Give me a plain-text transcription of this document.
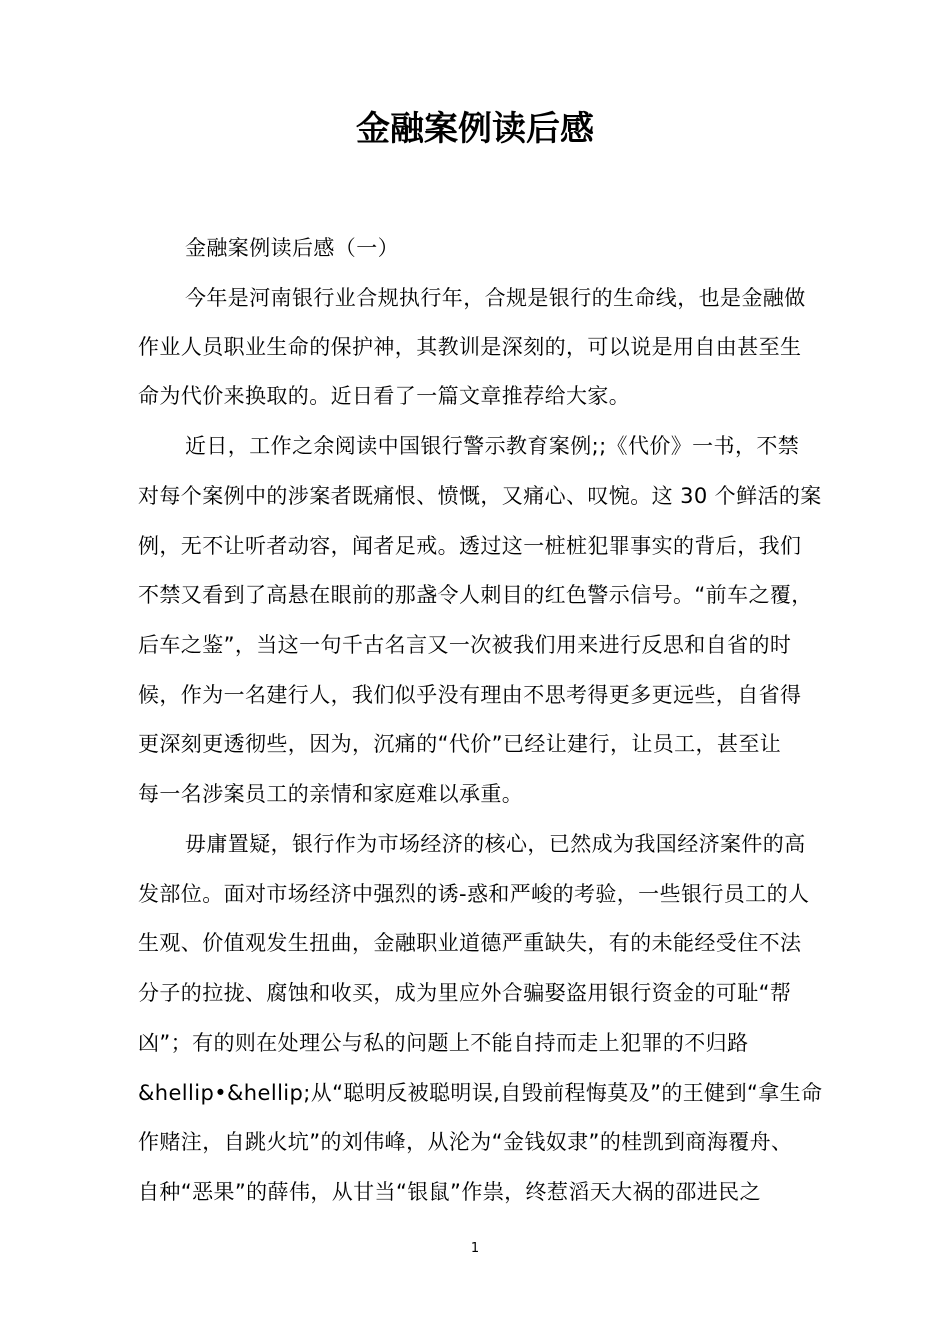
金融案例读后感
金融案例读后感（一）
今年是河南银行业合规执行年，合规是银行的生命线，也是金融做
作业人员职业生命的保护神，其教训是深刻的，可以说是用自由甚至生
命为代价来换取的。近日看了一篇文章推荐给大家。
近日，工作之余阅读中国银行警示教育案例;;《代价》一书，不禁
对每个案例中的涉案者既痛恨、愤慨，又痛心、叹惋。这 30 个鲜活的案
例，无不让听者动容，闻者足戒。透过这一桩桩犯罪事实的背后，我们
不禁又看到了高悬在眼前的那盏令人刺目的红色警示信号。“前车之覆，
后车之鉴”，当这一句千古名言又一次被我们用来进行反思和自省的时
候，作为一名建行人，我们似乎没有理由不思考得更多更远些，自省得
更深刻更透彻些，因为，沉痛的“代价”已经让建行，让员工，甚至让
每一名涉案员工的亲情和家庭难以承重。
毋庸置疑，银行作为市场经济的核心，已然成为我国经济案件的高
发部位。面对市场经济中强烈的诱-惑和严峻的考验，一些银行员工的人
生观、价值观发生扭曲，金融职业道德严重缺失，有的未能经受住不法
分子的拉拢、腐蚀和收买，成为里应外合骗娶盗用银行资金的可耻“帮
凶”；有的则在处理公与私的问题上不能自持而走上犯罪的不归路
&hellip•&hellip;从“聪明反被聪明误,自毁前程悔莫及”的王健到“拿生命
作赌注，自跳火坑”的刘伟峰，从沦为“金钱奴隶”的桂凯到商海覆舟、
自种“恶果”的薛伟，从甘当“银鼠”作祟，终惹滔天大祸的邵进民之
1
